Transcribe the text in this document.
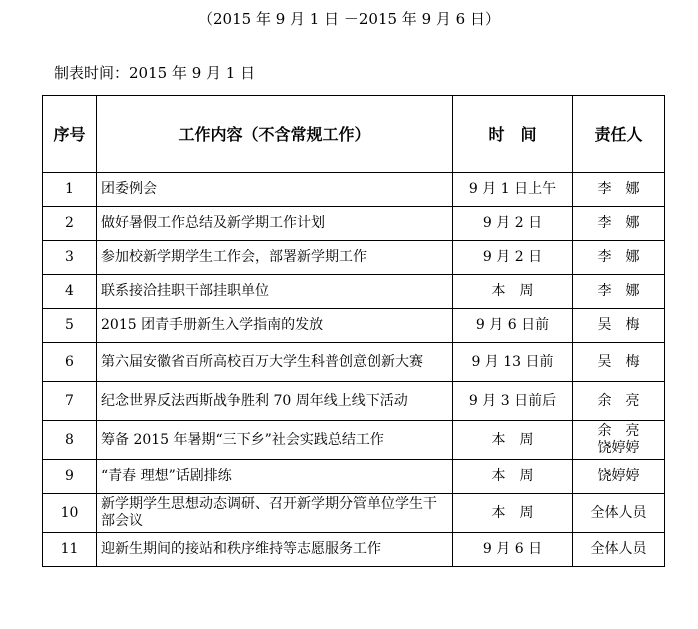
（2015 年 9 月 1 日 －2015 年 9 月 6 日）
制表时间：2015 年 9 月 1 日
序号	工作内容（不含常规工作）	时　间	责任人
1	团委例会	9 月 1 日上午	李　娜

2	做好暑假工作总结及新学期工作计划	9 月 2 日	李　娜

3	参加校新学期学生工作会，部署新学期工作	9 月 2 日	李　娜

4	联系接洽挂职干部挂职单位	本　周	李　娜

5	2015 团青手册新生入学指南的发放	9 月 6 日前	吴　梅

6	第六届安徽省百所高校百万大学生科普创意创新大赛	9 月 13 日前	吴　梅

7	纪念世界反法西斯战争胜利 70 周年线上线下活动	9 月 3 日前后	余　亮

8	筹备 2015 年暑期“三下乡”社会实践总结工作	本　周	余　亮
饶婷婷

9	“青春 理想”话剧排练	本　周	饶婷婷

10	新学期学生思想动态调研、召开新学期分管单位学生干部会议	本　周	全体人员

11	迎新生期间的接站和秩序维持等志愿服务工作	9 月 6 日	全体人员
